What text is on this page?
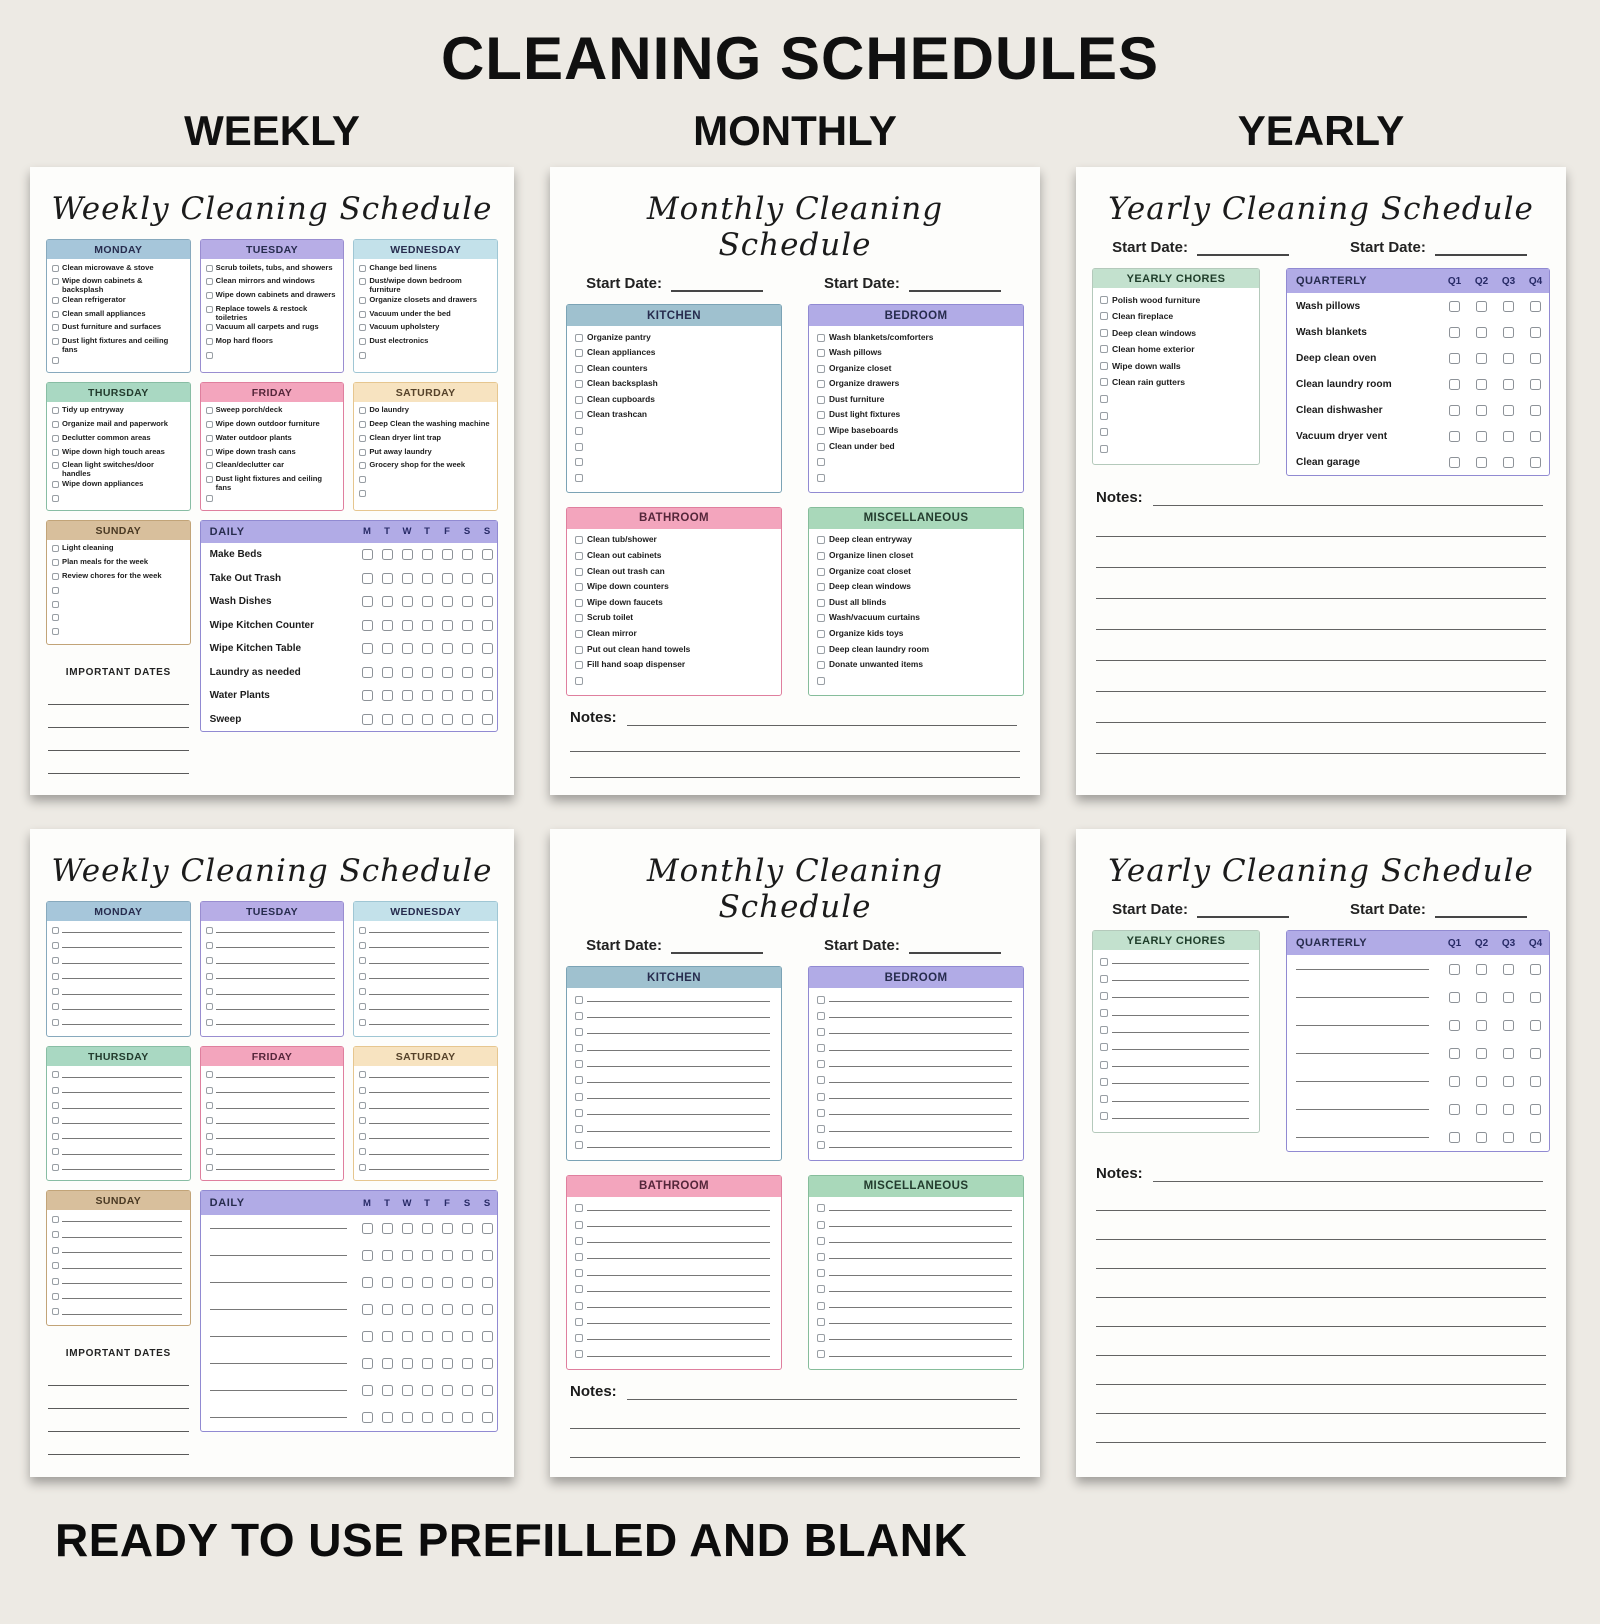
CLEANING SCHEDULES
WEEKLY	MONTHLY	YEARLY
Weekly Cleaning Schedule
MONDAY
Clean microwave & stove
Wipe down cabinets & backsplash
Clean refrigerator
Clean small appliances
Dust furniture and surfaces
Dust light fixtures and ceiling fans
TUESDAY
Scrub toilets, tubs, and showers
Clean mirrors and windows
Wipe down cabinets and drawers
Replace towels & restock toiletries
Vacuum all carpets and rugs
Mop hard floors
WEDNESDAY
Change bed linens
Dust/wipe down bedroom furniture
Organize closets and drawers
Vacuum under the bed
Vacuum upholstery
Dust electronics
THURSDAY
Tidy up entryway
Organize mail and paperwork
Declutter common areas
Wipe down high touch areas
Clean light switches/door handles
Wipe down appliances
FRIDAY
Sweep porch/deck
Wipe down outdoor furniture
Water outdoor plants
Wipe down trash cans
Clean/declutter car
Dust light fixtures and ceiling fans
SATURDAY
Do laundry
Deep Clean the washing machine
Clean dryer lint trap
Put away laundry
Grocery shop for the week
SUNDAY
Light cleaning
Plan meals for the week
Review chores for the week
IMPORTANT DATES
DAILY	M	T	W	T	F	S	S
Make Beds
Take Out Trash
Wash Dishes
Wipe Kitchen Counter
Wipe Kitchen Table
Laundry as needed
Water Plants
Sweep
Monthly Cleaning Schedule
Start Date:	Start Date:
KITCHEN
Organize pantry
Clean appliances
Clean counters
Clean backsplash
Clean cupboards
Clean trashcan
BEDROOM
Wash blankets/comforters
Wash pillows
Organize closet
Organize drawers
Dust furniture
Dust light fixtures
Wipe baseboards
Clean under bed
BATHROOM
Clean tub/shower
Clean out cabinets
Clean out trash can
Wipe down counters
Wipe down faucets
Scrub toilet
Clean mirror
Put out clean hand towels
Fill hand soap dispenser
MISCELLANEOUS
Deep clean entryway
Organize linen closet
Organize coat closet
Deep clean windows
Dust all blinds
Wash/vacuum curtains
Organize kids toys
Deep clean laundry room
Donate unwanted items
Notes:
Yearly Cleaning Schedule
Start Date:	Start Date:
YEARLY CHORES
Polish wood furniture
Clean fireplace
Deep clean windows
Clean home exterior
Wipe down walls
Clean rain gutters
QUARTERLY	Q1	Q2	Q3	Q4
Wash pillows
Wash blankets
Deep clean oven
Clean laundry room
Clean dishwasher
Vacuum dryer vent
Clean garage
Notes:
Weekly Cleaning Schedule
MONDAY	TUESDAY	WEDNESDAY
THURSDAY	FRIDAY	SATURDAY
SUNDAY
IMPORTANT DATES
DAILY	M	T	W	T	F	S	S
Monthly Cleaning Schedule
Start Date:	Start Date:
KITCHEN	BEDROOM
BATHROOM	MISCELLANEOUS
Notes:
Yearly Cleaning Schedule
Start Date:	Start Date:
YEARLY CHORES	QUARTERLY	Q1	Q2	Q3	Q4
Notes:
READY TO USE PREFILLED AND BLANK
